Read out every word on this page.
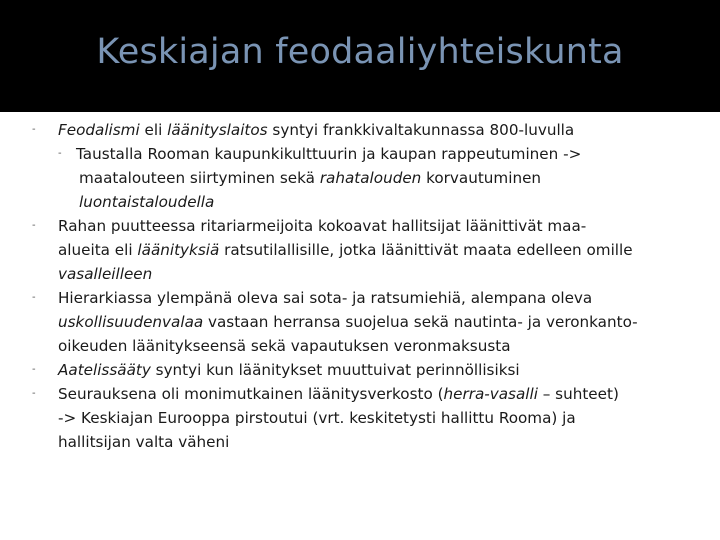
Keskiajan feodaaliyhteiskunta
- Feodalismi eli läänityslaitos syntyi frankkivaltakunnassa 800-luvulla
- Taustalla Rooman kaupunkikulttuurin ja kaupan rappeutuminen ->
maatalouteen siirtyminen sekä rahatalouden korvautuminen
luontaistaloudella
- Rahan puutteessa ritariarmeijoita kokoavat hallitsijat läänittivät maa-
alueita eli läänityksiä ratsutilallisille, jotka läänittivät maata edelleen omille
vasalleilleen
- Hierarkiassa ylempänä oleva sai sota- ja ratsumiehiä, alempana oleva
uskollisuudenvalaa vastaan herransa suojelua sekä nautinta- ja veronkanto-
oikeuden läänitykseensä sekä vapautuksen veronmaksusta
- Aatelissääty syntyi kun läänitykset muuttuivat perinnöllisiksi
- Seurauksena oli monimutkainen läänitysverkosto (herra-vasalli – suhteet)
-> Keskiajan Eurooppa pirstoutui (vrt. keskitetysti hallittu Rooma) ja
hallitsijan valta väheni
